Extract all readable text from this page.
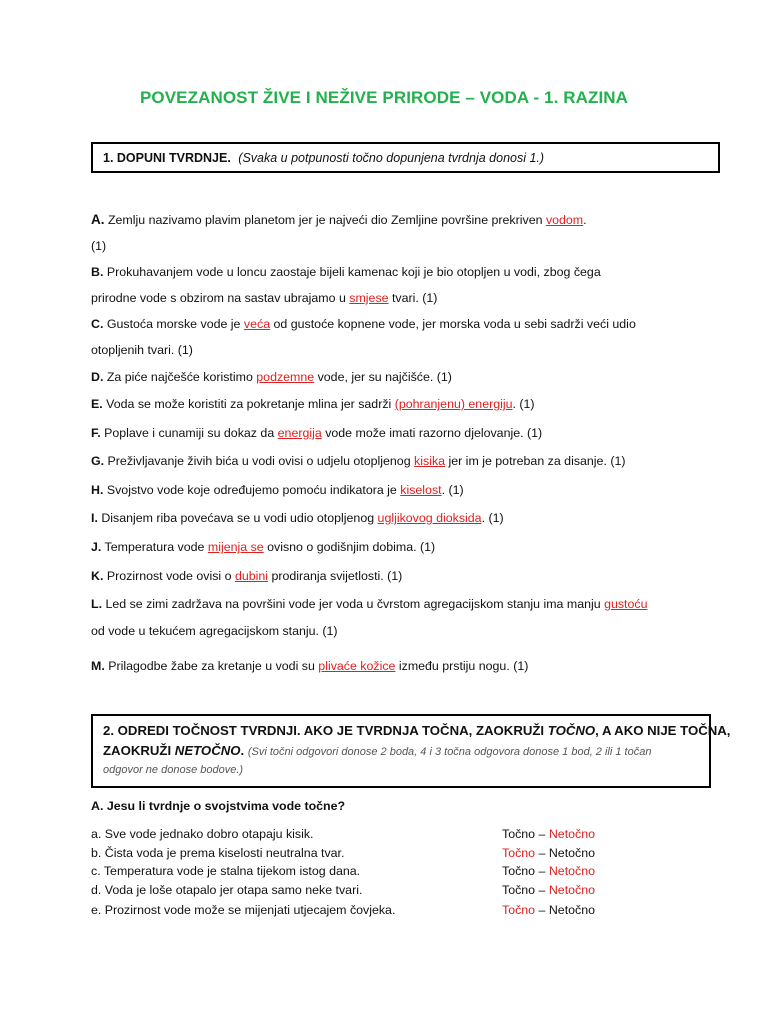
POVEZANOST ŽIVE I NEŽIVE PRIRODE – VODA - 1. RAZINA
1. DOPUNI TVRDNJE. (Svaka u potpunosti točno dopunjena tvrdnja donosi 1.)
A. Zemlju nazivamo plavim planetom jer je najveći dio Zemljine površine prekriven vodom.
(1)
B. Prokuhavanjem vode u loncu zaostaje bijeli kamenac koji je bio otopljen u vodi, zbog čega
prirodne vode s obzirom na sastav ubrajamo u smjese tvari. (1)
C. Gustoća morske vode je veća od gustoće kopnene vode, jer morska voda u sebi sadrži veći udio
otopljenih tvari. (1)
D. Za piće najčešće koristimo podzemne vode, jer su najčišće. (1)
E. Voda se može koristiti za pokretanje mlina jer sadrži (pohranjenu) energiju. (1)
F. Poplave i cunamiji su dokaz da energija vode može imati razorno djelovanje. (1)
G. Preživljavanje živih bića u vodi ovisi o udjelu otopljenog kisika jer im je potreban za disanje. (1)
H. Svojstvo vode koje određujemo pomoću indikatora je kiselost. (1)
I. Disanjem riba povećava se u vodi udio otopljenog ugljikovog dioksida. (1)
J. Temperatura vode mijenja se ovisno o godišnjim dobima. (1)
K. Prozirnost vode ovisi o dubini prodiranja svijetlosti. (1)
L. Led se zimi zadržava na površini vode jer voda u čvrstom agregacijskom stanju ima manju gustoću
od vode u tekućem agregacijskom stanju. (1)
M. Prilagodbe žabe za kretanje u vodi su plivaće kožice između prstiju nogu. (1)
2. ODREDI TOČNOST TVRDNJI. AKO JE TVRDNJA TOČNA, ZAOKRUŽI TOČNO, A AKO NIJE TOČNA,
ZAOKRUŽI NETOČNO. (Svi točni odgovori donose 2 boda, 4 i 3 točna odgovora donose 1 bod, 2 ili 1 točan
odgovor ne donose bodove.)
A. Jesu li tvrdnje o svojstvima vode točne?
a. Sve vode jednako dobro otapaju kisik.	Točno – Netočno
b. Čista voda je prema kiselosti neutralna tvar.	Točno – Netočno
c. Temperatura vode je stalna tijekom istog dana.	Točno – Netočno
d. Voda je loše otapalo jer otapa samo neke tvari.	Točno – Netočno
e. Prozirnost vode može se mijenjati utjecajem čovjeka.	Točno – Netočno
